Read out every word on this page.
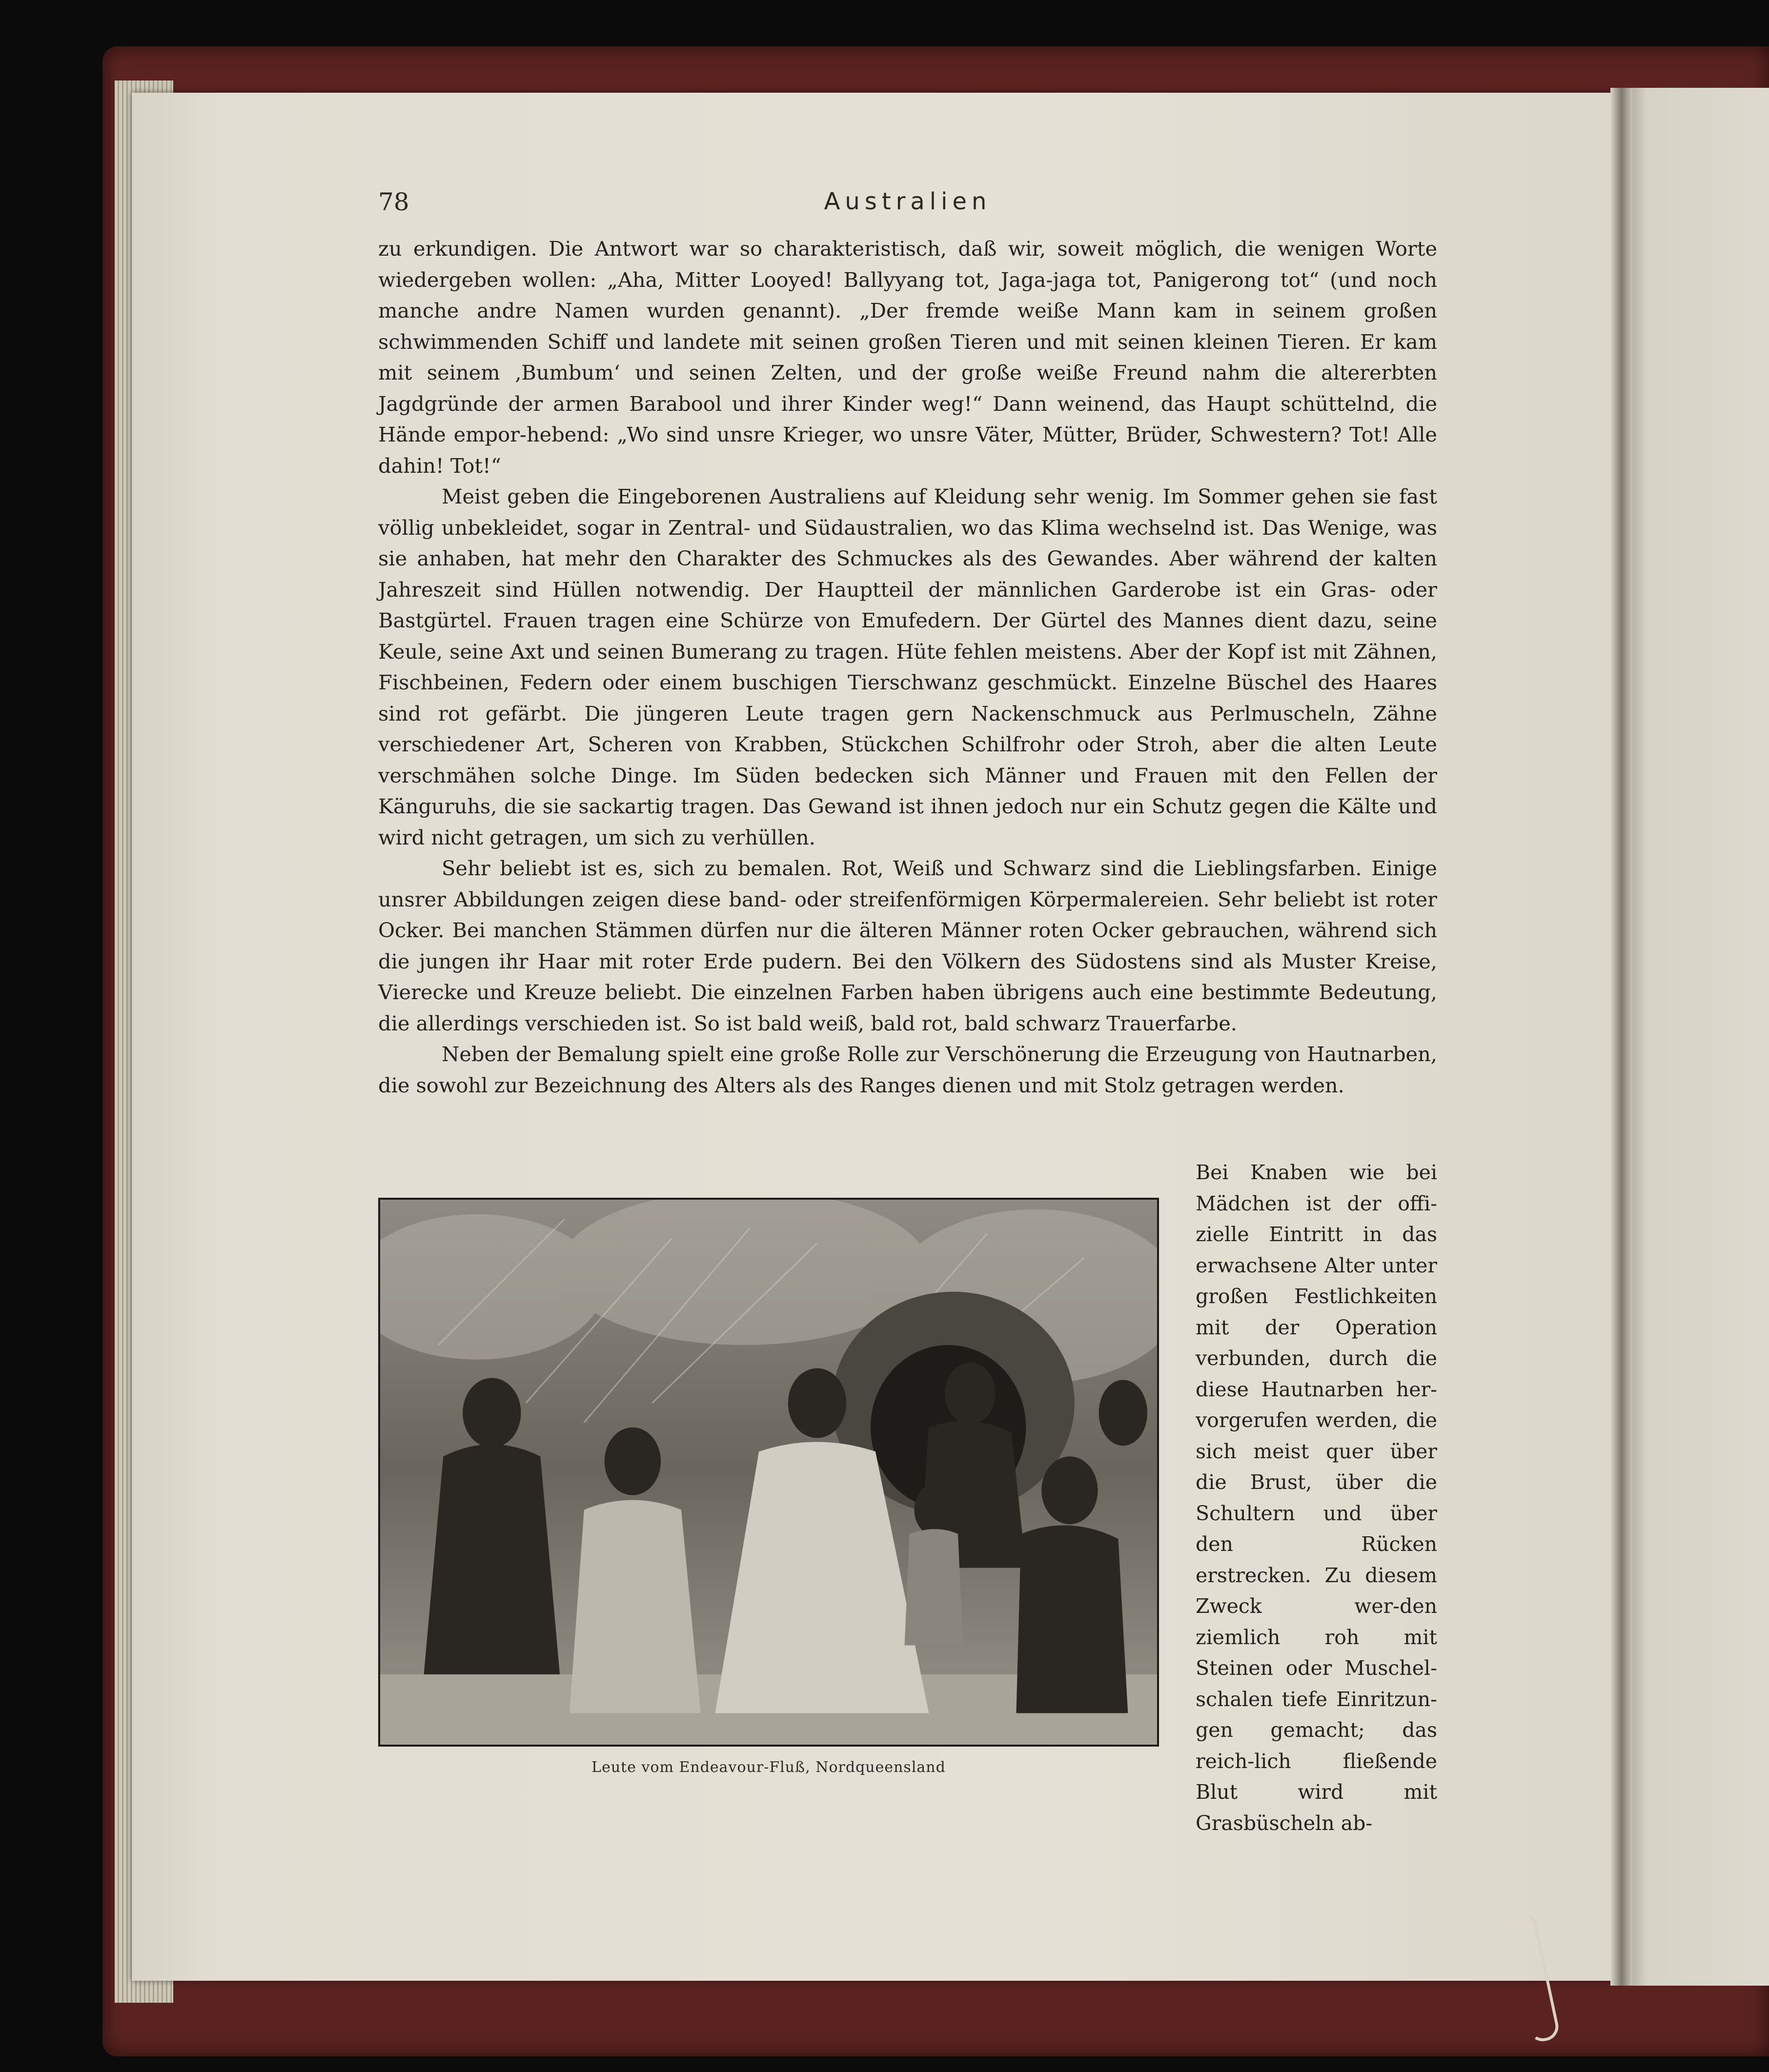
78	Australien

zu erkundigen. Die Antwort war so charakteristisch, daß wir, soweit möglich, die wenigen Worte wiedergeben wollen: „Aha, Mitter Looyed! Ballyyang tot, Jaga-jaga tot, Panigerong tot“ (und noch manche andre Namen wurden genannt). „Der fremde weiße Mann kam in seinem großen schwimmenden Schiff und landete mit seinen großen Tieren und mit seinen kleinen Tieren. Er kam mit seinem ‚Bumbum‘ und seinen Zelten, und der große weiße Freund nahm die altererbten Jagdgründe der armen Barabool und ihrer Kinder weg!“ Dann weinend, das Haupt schüttelnd, die Hände empor-hebend: „Wo sind unsre Krieger, wo unsre Väter, Mütter, Brüder, Schwestern? Tot! Alle dahin! Tot!“

Meist geben die Eingeborenen Australiens auf Kleidung sehr wenig. Im Sommer gehen sie fast völlig unbekleidet, sogar in Zentral- und Südaustralien, wo das Klima wechselnd ist. Das Wenige, was sie anhaben, hat mehr den Charakter des Schmuckes als des Gewandes. Aber während der kalten Jahreszeit sind Hüllen notwendig. Der Hauptteil der männlichen Garderobe ist ein Gras- oder Bastgürtel. Frauen tragen eine Schürze von Emufedern. Der Gürtel des Mannes dient dazu, seine Keule, seine Axt und seinen Bumerang zu tragen. Hüte fehlen meistens. Aber der Kopf ist mit Zähnen, Fischbeinen, Federn oder einem buschigen Tierschwanz geschmückt. Einzelne Büschel des Haares sind rot gefärbt. Die jüngeren Leute tragen gern Nackenschmuck aus Perlmuscheln, Zähne verschiedener Art, Scheren von Krabben, Stückchen Schilfrohr oder Stroh, aber die alten Leute verschmähen solche Dinge. Im Süden bedecken sich Männer und Frauen mit den Fellen der Känguruhs, die sie sackartig tragen. Das Gewand ist ihnen jedoch nur ein Schutz gegen die Kälte und wird nicht getragen, um sich zu verhüllen.

Sehr beliebt ist es, sich zu bemalen. Rot, Weiß und Schwarz sind die Lieblingsfarben. Einige unsrer Abbildungen zeigen diese band- oder streifenförmigen Körpermalereien. Sehr beliebt ist roter Ocker. Bei manchen Stämmen dürfen nur die älteren Männer roten Ocker gebrauchen, während sich die jungen ihr Haar mit roter Erde pudern. Bei den Völkern des Südostens sind als Muster Kreise, Vierecke und Kreuze beliebt. Die einzelnen Farben haben übrigens auch eine bestimmte Bedeutung, die allerdings verschieden ist. So ist bald weiß, bald rot, bald schwarz Trauerfarbe.

Neben der Bemalung spielt eine große Rolle zur Verschönerung die Erzeugung von Hautnarben, die sowohl zur Bezeichnung des Alters als des Ranges dienen und mit Stolz getragen werden.

Bei Knaben wie bei Mädchen ist der offi-zielle Eintritt in das erwachsene Alter unter großen Festlichkeiten mit der Operation verbunden, durch die diese Hautnarben her-vorgerufen werden, die sich meist quer über die Brust, über die Schultern und über den Rücken erstrecken. Zu diesem Zweck wer-den ziemlich roh mit Steinen oder Muschel-schalen tiefe Einritzun-gen gemacht; das reich-lich fließende Blut wird mit Grasbüscheln ab-
Leute vom Endeavour-Fluß, Nordqueensland
